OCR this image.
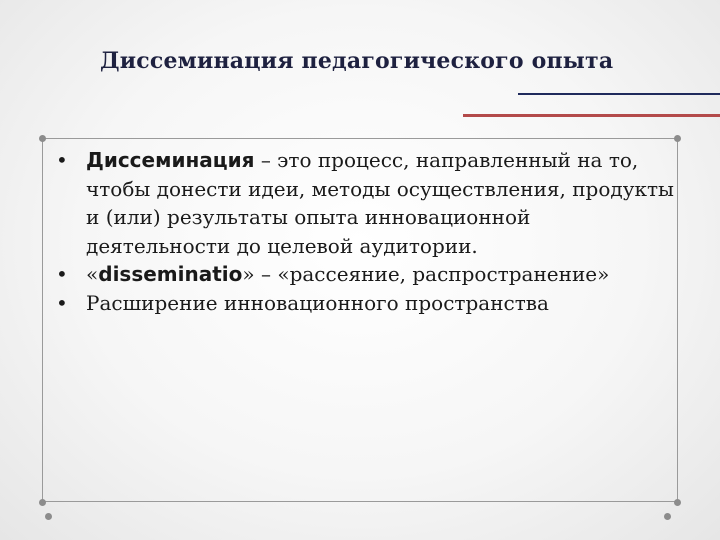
Диссеминация педагогического опыта
• Диссеминация – это процесс, направленный на то, чтобы донести идеи, методы осуществления, продукты и (или) результаты опыта инновационной деятельности до целевой аудитории.
• «disseminatio» – «рассеяние, распространение»
• Расширение инновационного пространства
